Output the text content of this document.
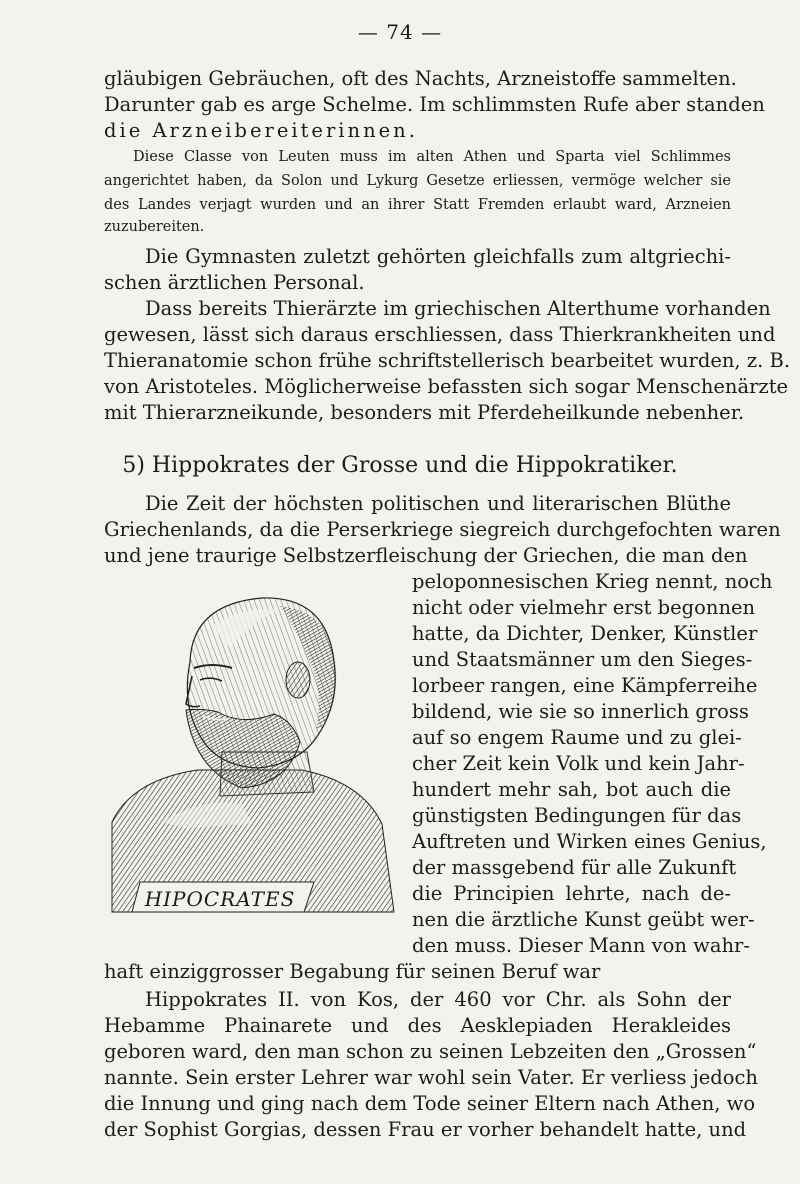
— 74 —
gläubigen Gebräuchen, oft des Nachts, Arzneistoffe sammelten.
Darunter gab es arge Schelme. Im schlimmsten Rufe aber standen
die Arzneibereiterinnen.
Diese Classe von Leuten muss im alten Athen und Sparta viel Schlimmes
angerichtet haben, da Solon und Lykurg Gesetze erliessen, vermöge welcher sie
des Landes verjagt wurden und an ihrer Statt Fremden erlaubt ward, Arzneien
zuzubereiten.
Die Gymnasten zuletzt gehörten gleichfalls zum altgriechi-
schen ärztlichen Personal.
Dass bereits Thierärzte im griechischen Alterthume vorhanden
gewesen, lässt sich daraus erschliessen, dass Thierkrankheiten und
Thieranatomie schon frühe schriftstellerisch bearbeitet wurden, z. B.
von Aristoteles. Möglicherweise befassten sich sogar Menschenärzte
mit Thierarzneikunde, besonders mit Pferdeheilkunde nebenher.
5) Hippokrates der Grosse und die Hippokratiker.
Die Zeit der höchsten politischen und literarischen Blüthe
Griechenlands, da die Perserkriege siegreich durchgefochten waren
und jene traurige Selbstzerfleischung der Griechen, die man den
peloponnesischen Krieg nennt, noch
nicht oder vielmehr erst begonnen
hatte, da Dichter, Denker, Künstler
und Staatsmänner um den Sieges-
lorbeer rangen, eine Kämpferreihe
bildend, wie sie so innerlich gross
auf so engem Raume und zu glei-
cher Zeit kein Volk und kein Jahr-
hundert mehr sah, bot auch die
günstigsten Bedingungen für das
Auftreten und Wirken eines Genius,
der massgebend für alle Zukunft
die Principien lehrte, nach de-
nen die ärztliche Kunst geübt wer-
den muss. Dieser Mann von wahr-
haft einziggrosser Begabung für seinen Beruf war
Hippokrates II. von Kos, der 460 vor Chr. als Sohn der
Hebamme Phainarete und des Aesklepiaden Herakleides
geboren ward, den man schon zu seinen Lebzeiten den „Grossen“
nannte. Sein erster Lehrer war wohl sein Vater. Er verliess jedoch
die Innung und ging nach dem Tode seiner Eltern nach Athen, wo
der Sophist Gorgias, dessen Frau er vorher behandelt hatte, und
HIPOCRATES
